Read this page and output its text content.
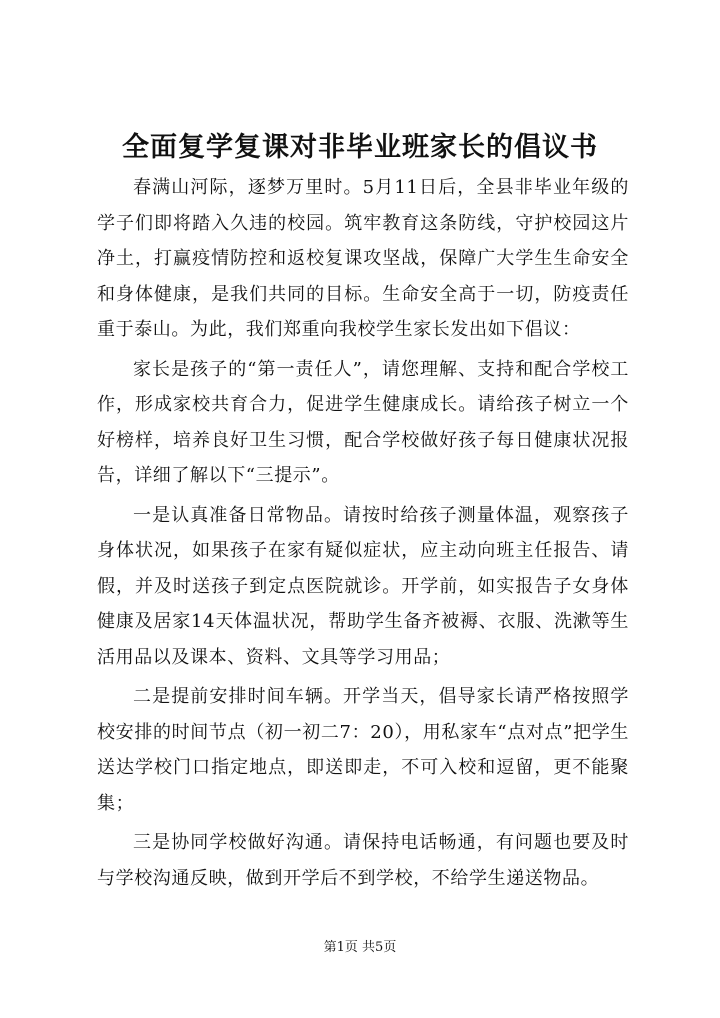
全面复学复课对非毕业班家长的倡议书

春满山河际，逐梦万里时。5月11日后，全县非毕业年级的学子们即将踏入久违的校园。筑牢教育这条防线，守护校园这片净土，打赢疫情防控和返校复课攻坚战，保障广大学生生命安全和身体健康，是我们共同的目标。生命安全高于一切，防疫责任重于泰山。为此，我们郑重向我校学生家长发出如下倡议：

家长是孩子的“第一责任人”，请您理解、支持和配合学校工作，形成家校共育合力，促进学生健康成长。请给孩子树立一个好榜样，培养良好卫生习惯，配合学校做好孩子每日健康状况报告，详细了解以下“三提示”。

一是认真准备日常物品。请按时给孩子测量体温，观察孩子身体状况，如果孩子在家有疑似症状，应主动向班主任报告、请假，并及时送孩子到定点医院就诊。开学前，如实报告子女身体健康及居家14天体温状况，帮助学生备齐被褥、衣服、洗漱等生活用品以及课本、资料、文具等学习用品；

二是提前安排时间车辆。开学当天，倡导家长请严格按照学校安排的时间节点（初一初二7：20），用私家车“点对点”把学生送达学校门口指定地点，即送即走，不可入校和逗留，更不能聚集；

三是协同学校做好沟通。请保持电话畅通，有问题也要及时与学校沟通反映，做到开学后不到学校，不给学生递送物品。

第1页 共5页
